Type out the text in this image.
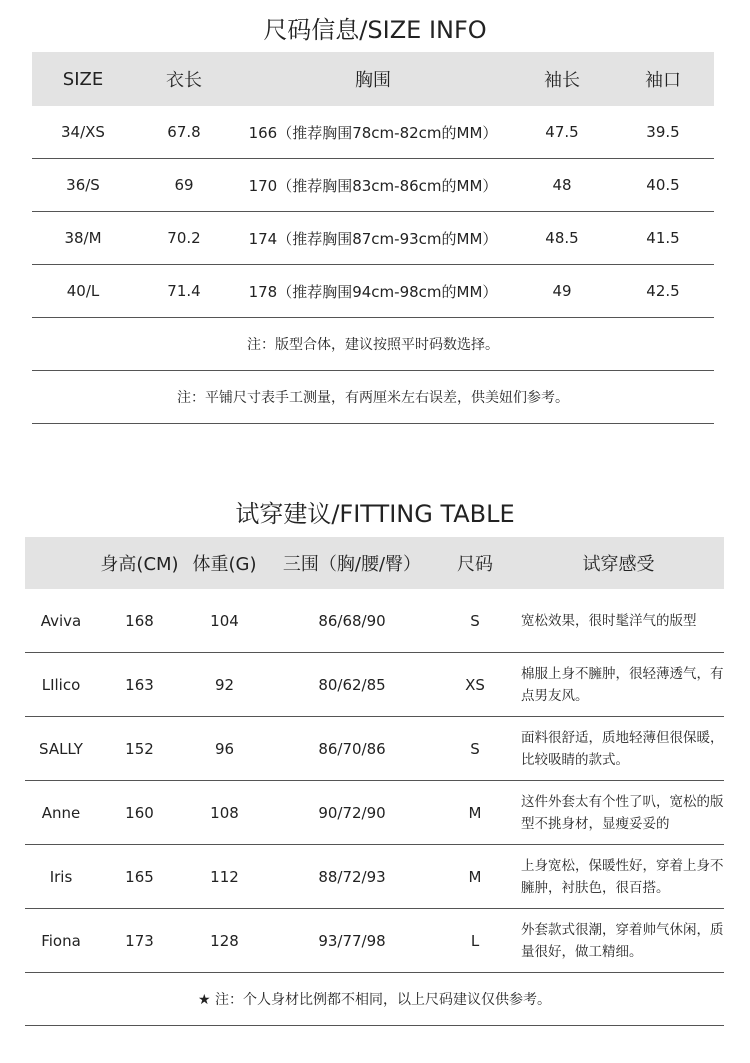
尺码信息/SIZE INFO
SIZE	衣长	胸围	袖长	袖口
34/XS	67.8	166（推荐胸围78cm-82cm的MM）	47.5	39.5
36/S	69	170（推荐胸围83cm-86cm的MM）	48	40.5
38/M	70.2	174（推荐胸围87cm-93cm的MM）	48.5	41.5
40/L	71.4	178（推荐胸围94cm-98cm的MM）	49	42.5
注：版型合体，建议按照平时码数选择。				
注：平铺尺寸表手工测量，有两厘米左右误差，供美妞们参考。				
试穿建议/FITTING TABLE
	身高(CM)	体重(G)	三围（胸/腰/臀）	尺码	试穿感受
Aviva	168	104	86/68/90	S	宽松效果，很时髦洋气的版型
LIlico	163	92	80/62/85	XS	棉服上身不臃肿，很轻薄透气，有点男友风。
SALLY	152	96	86/70/86	S	面料很舒适，质地轻薄但很保暖，比较吸睛的款式。
Anne	160	108	90/72/90	M	这件外套太有个性了叭，宽松的版型不挑身材，显瘦妥妥的
Iris	165	112	88/72/93	M	上身宽松，保暖性好，穿着上身不臃肿，衬肤色，很百搭。
Fiona	173	128	93/77/98	L	外套款式很潮，穿着帅气休闲，质量很好，做工精细。
★ 注：个人身材比例都不相同，以上尺码建议仅供参考。					
